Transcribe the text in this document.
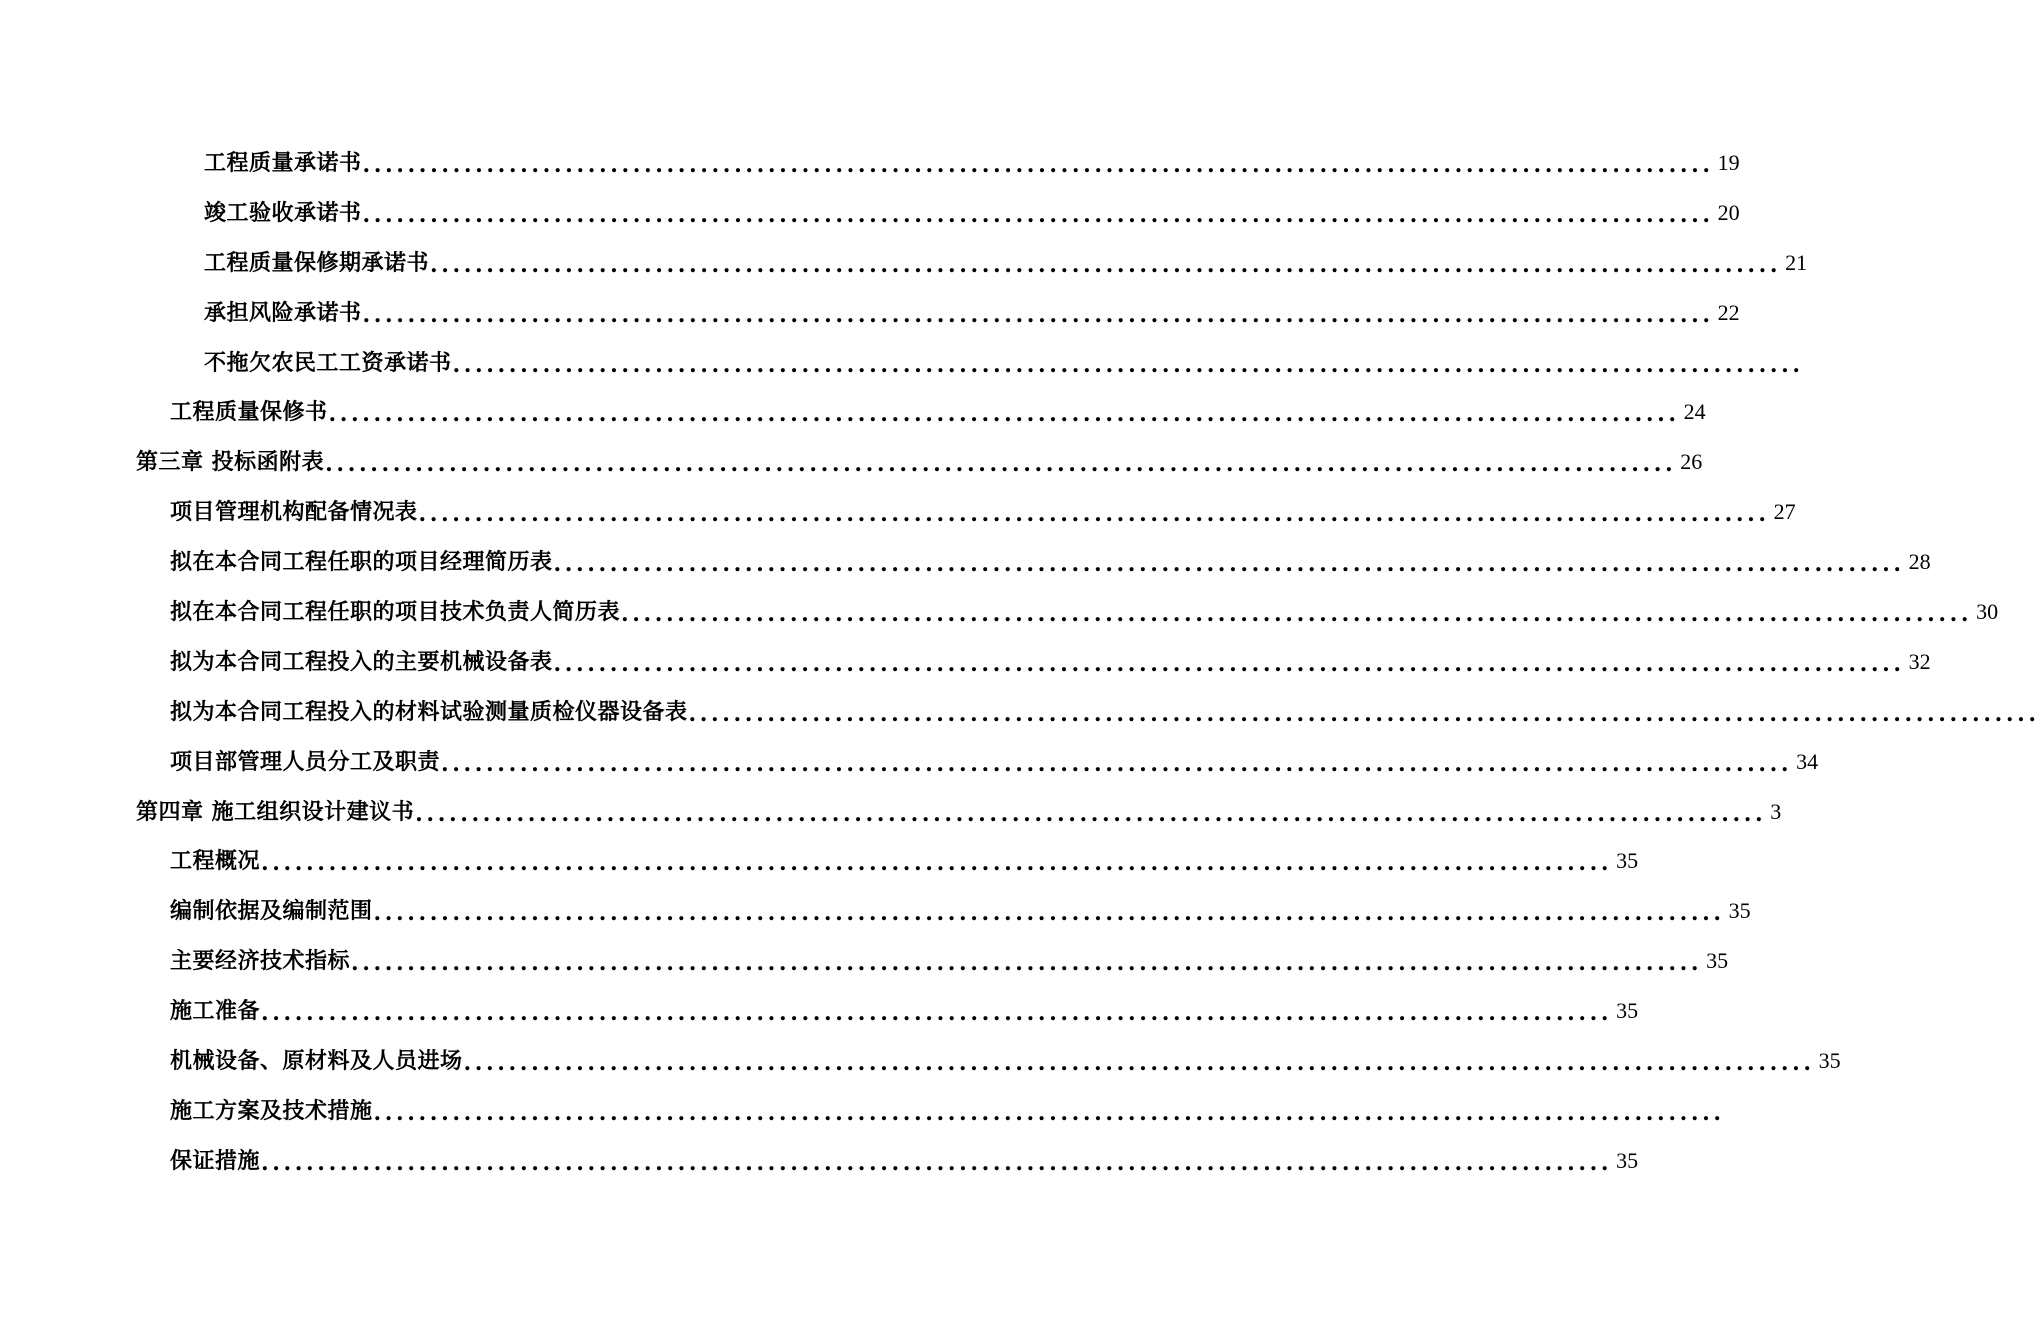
工程质量承诺书 ........................................................................................................................ 19
竣工验收承诺书 ........................................................................................................................ 20
工程质量保修期承诺书 ........................................................................................................................ 21
承担风险承诺书 ........................................................................................................................ 22
不拖欠农民工工资承诺书 ........................................................................................................................
工程质量保修书 ........................................................................................................................ 24
第三章 投标函附表 ........................................................................................................................ 26
项目管理机构配备情况表 ........................................................................................................................ 27
拟在本合同工程任职的项目经理简历表 ........................................................................................................................ 28
拟在本合同工程任职的项目技术负责人简历表 ........................................................................................................................ 30
拟为本合同工程投入的主要机械设备表 ........................................................................................................................ 32
拟为本合同工程投入的材料试验测量质检仪器设备表 ........................................................................................................................
项目部管理人员分工及职责 ........................................................................................................................ 34
第四章 施工组织设计建议书 ........................................................................................................................ 3
工程概况 ........................................................................................................................ 35
编制依据及编制范围 ........................................................................................................................ 35
主要经济技术指标 ........................................................................................................................ 35
施工准备 ........................................................................................................................ 35
机械设备、原材料及人员进场 ........................................................................................................................ 35
施工方案及技术措施 ........................................................................................................................
保证措施 ........................................................................................................................ 35
